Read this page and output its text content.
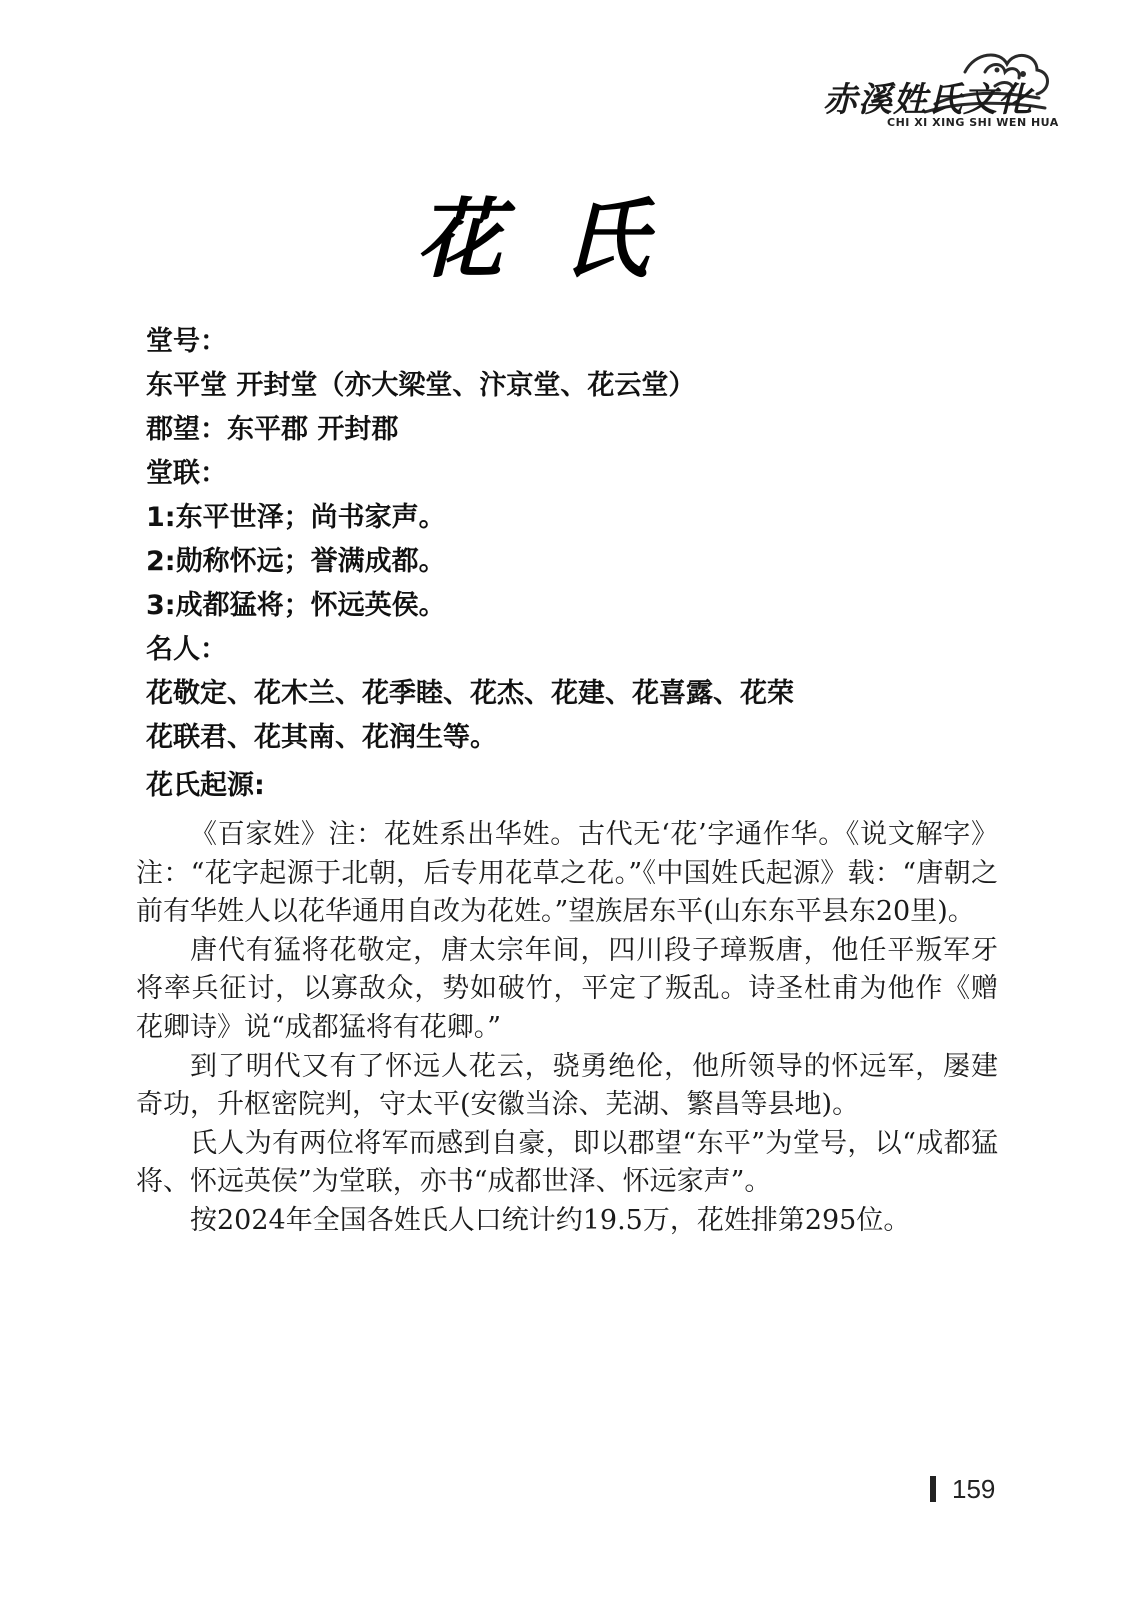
赤溪姓氏文化
CHI XI XING SHI WEN HUA
花氏
堂号：
东平堂 开封堂（亦大梁堂、汴京堂、花云堂）
郡望：东平郡 开封郡
堂联：
1:东平世泽；尚书家声。
2:勋称怀远；誉满成都。
3:成都猛将；怀远英侯。
名人：
花敬定、花木兰、花季睦、花杰、花建、花喜露、花荣
花联君、花其南、花润生等。
花氏起源:

《百家姓》注：花姓系出华姓。古代无‘花’字通作华。《说文解字》注：“花字起源于北朝，后专用花草之花。”《中国姓氏起源》载：“唐朝之前有华姓人以花华通用自改为花姓。”望族居东平(山东东平县东20里)。

唐代有猛将花敬定，唐太宗年间，四川段子璋叛唐，他任平叛军牙将率兵征讨，以寡敌众，势如破竹，平定了叛乱。诗圣杜甫为他作《赠花卿诗》说“成都猛将有花卿。”

到了明代又有了怀远人花云，骁勇绝伦，他所领导的怀远军，屡建奇功，升枢密院判，守太平(安徽当涂、芜湖、繁昌等县地)。

氏人为有两位将军而感到自豪，即以郡望“东平”为堂号，以“成都猛将、怀远英侯”为堂联，亦书“成都世泽、怀远家声”。

按2024年全国各姓氏人口统计约19.5万，花姓排第295位。

159
